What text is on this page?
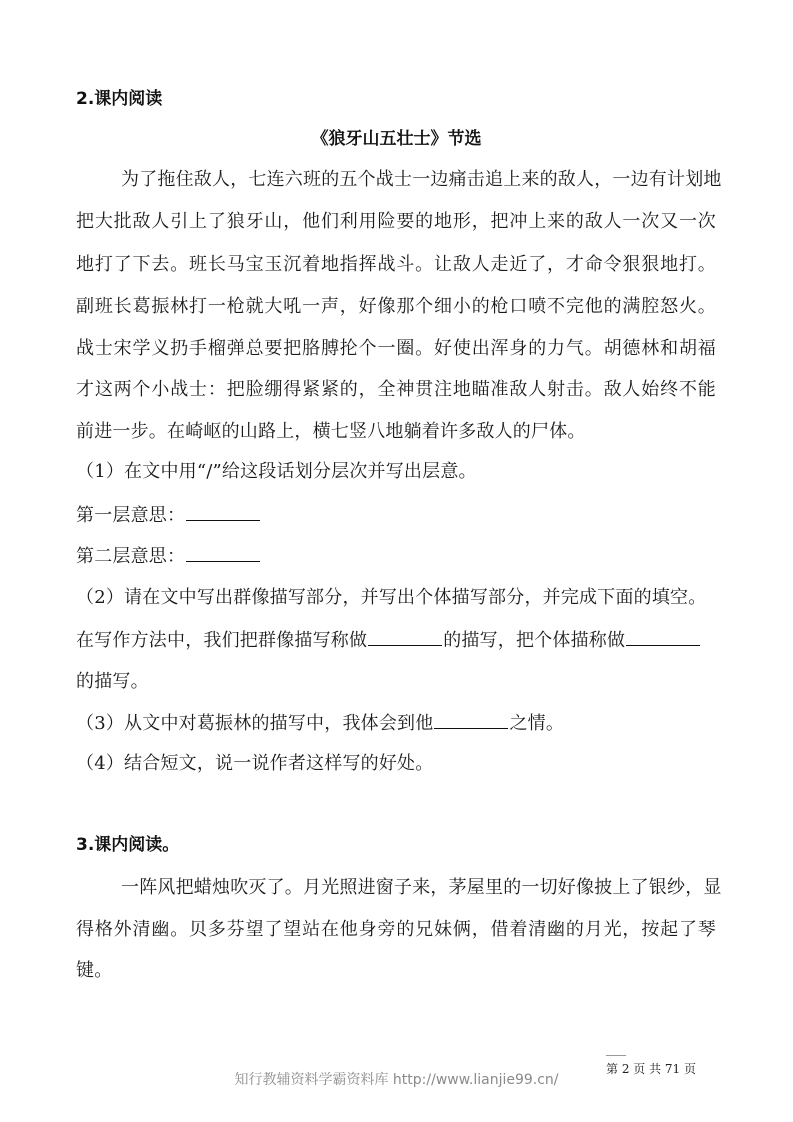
2.课内阅读
《狼牙山五壮士》节选
为了拖住敌人，七连六班的五个战士一边痛击追上来的敌人，一边有计划地
把大批敌人引上了狼牙山，他们利用险要的地形，把冲上来的敌人一次又一次
地打了下去。班长马宝玉沉着地指挥战斗。让敌人走近了，才命令狠狠地打。
副班长葛振林打一枪就大吼一声，好像那个细小的枪口喷不完他的满腔怒火。
战士宋学义扔手榴弹总要把胳膊抡个一圈。好使出浑身的力气。胡德林和胡福
才这两个小战士：把脸绷得紧紧的，全神贯注地瞄准敌人射击。敌人始终不能
前进一步。在崎岖的山路上，横七竖八地躺着许多敌人的尸体。
（1）在文中用“/”给这段话划分层次并写出层意。
第一层意思：
第二层意思：
（2）请在文中写出群像描写部分，并写出个体描写部分，并完成下面的填空。
在写作方法中，我们把群像描写称做	的描写，把个体描称做
的描写。
（3）从文中对葛振林的描写中，我体会到他	之情。
（4）结合短文，说一说作者这样写的好处。
3.课内阅读。
一阵风把蜡烛吹灭了。月光照进窗子来，茅屋里的一切好像披上了银纱，显
得格外清幽。贝多芬望了望站在他身旁的兄妹俩，借着清幽的月光，按起了琴
键。
第 2 页 共 71 页
知行教辅资料学霸资料库 http://www.lianjie99.cn/
